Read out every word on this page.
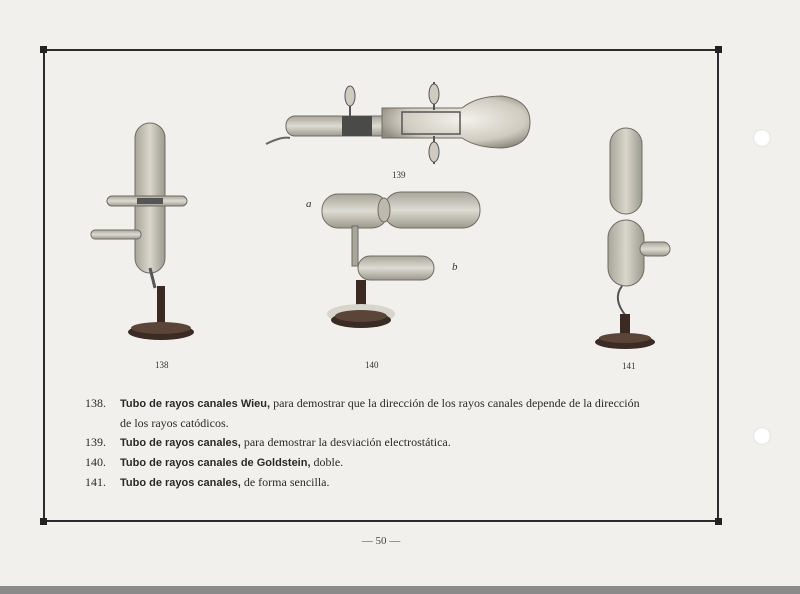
138
139
a
b
140	141
138. Tubo de rayos canales Wieu, para demostrar que la dirección de los rayos canales depende de la dirección
de los rayos catódicos.
139. Tubo de rayos canales, para demostrar la desviación electrostática.
140. Tubo de rayos canales de Goldstein, doble.
141. Tubo de rayos canales, de forma sencilla.
— 50 —
